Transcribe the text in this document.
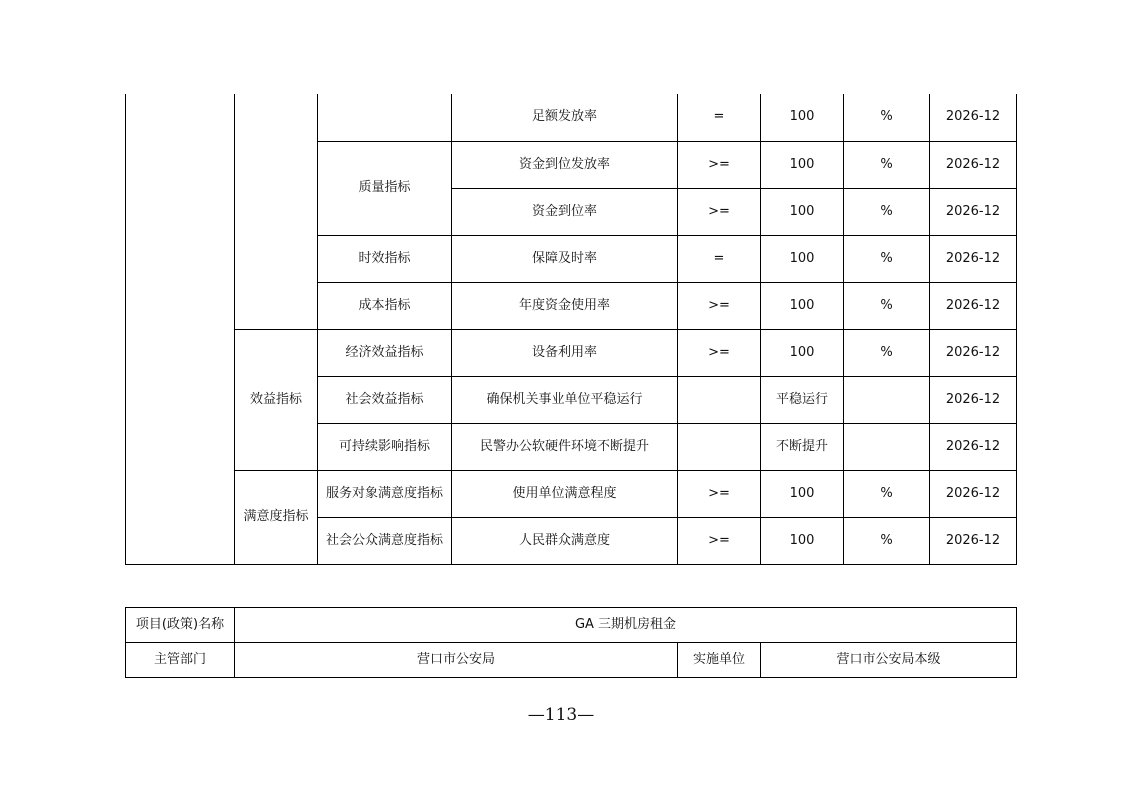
			足额发放率	=	100	%	2026-12
		质量指标	资金到位发放率	>=	100	%	2026-12
			资金到位率	>=	100	%	2026-12
		时效指标	保障及时率	=	100	%	2026-12
		成本指标	年度资金使用率	>=	100	%	2026-12
	效益指标	经济效益指标	设备利用率	>=	100	%	2026-12
		社会效益指标	确保机关事业单位平稳运行		平稳运行		2026-12
		可持续影响指标	民警办公软硬件环境不断提升		不断提升		2026-12
	满意度指标	服务对象满意度指标	使用单位满意程度	>=	100	%	2026-12
		社会公众满意度指标	人民群众满意度	>=	100	%	2026-12
项目(政策)名称	GA 三期机房租金		
主管部门	营口市公安局	实施单位	营口市公安局本级
—113—
